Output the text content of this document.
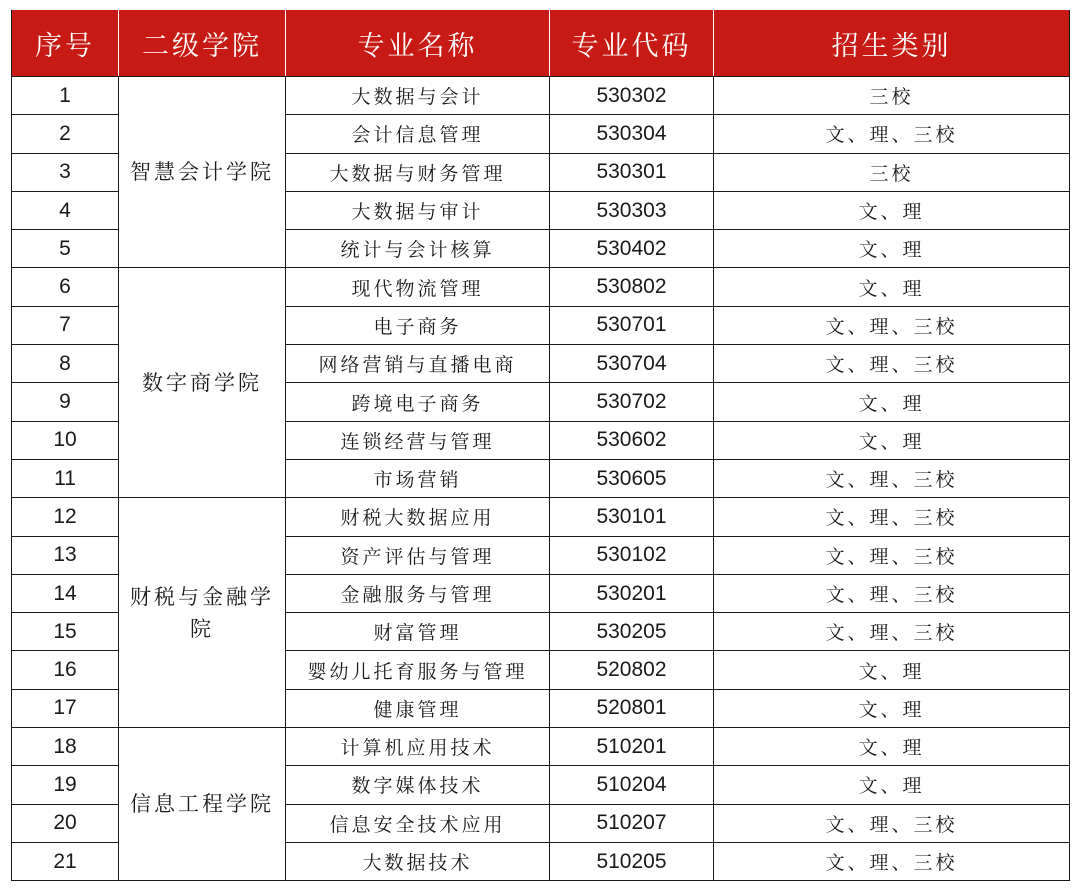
序号	二级学院	专业名称	专业代码	招生类别
1	智慧会计学院	大数据与会计	530302	三校
2		会计信息管理	530304	文、理、三校
3		大数据与财务管理	530301	三校
4		大数据与审计	530303	文、理
5		统计与会计核算	530402	文、理
6	数字商学院	现代物流管理	530802	文、理
7		电子商务	530701	文、理、三校
8		网络营销与直播电商	530704	文、理、三校
9		跨境电子商务	530702	文、理
10		连锁经营与管理	530602	文、理
11		市场营销	530605	文、理、三校
12	财税与金融学院	财税大数据应用	530101	文、理、三校
13		资产评估与管理	530102	文、理、三校
14		金融服务与管理	530201	文、理、三校
15		财富管理	530205	文、理、三校
16		婴幼儿托育服务与管理	520802	文、理
17		健康管理	520801	文、理
18	信息工程学院	计算机应用技术	510201	文、理
19		数字媒体技术	510204	文、理
20		信息安全技术应用	510207	文、理、三校
21		大数据技术	510205	文、理、三校
